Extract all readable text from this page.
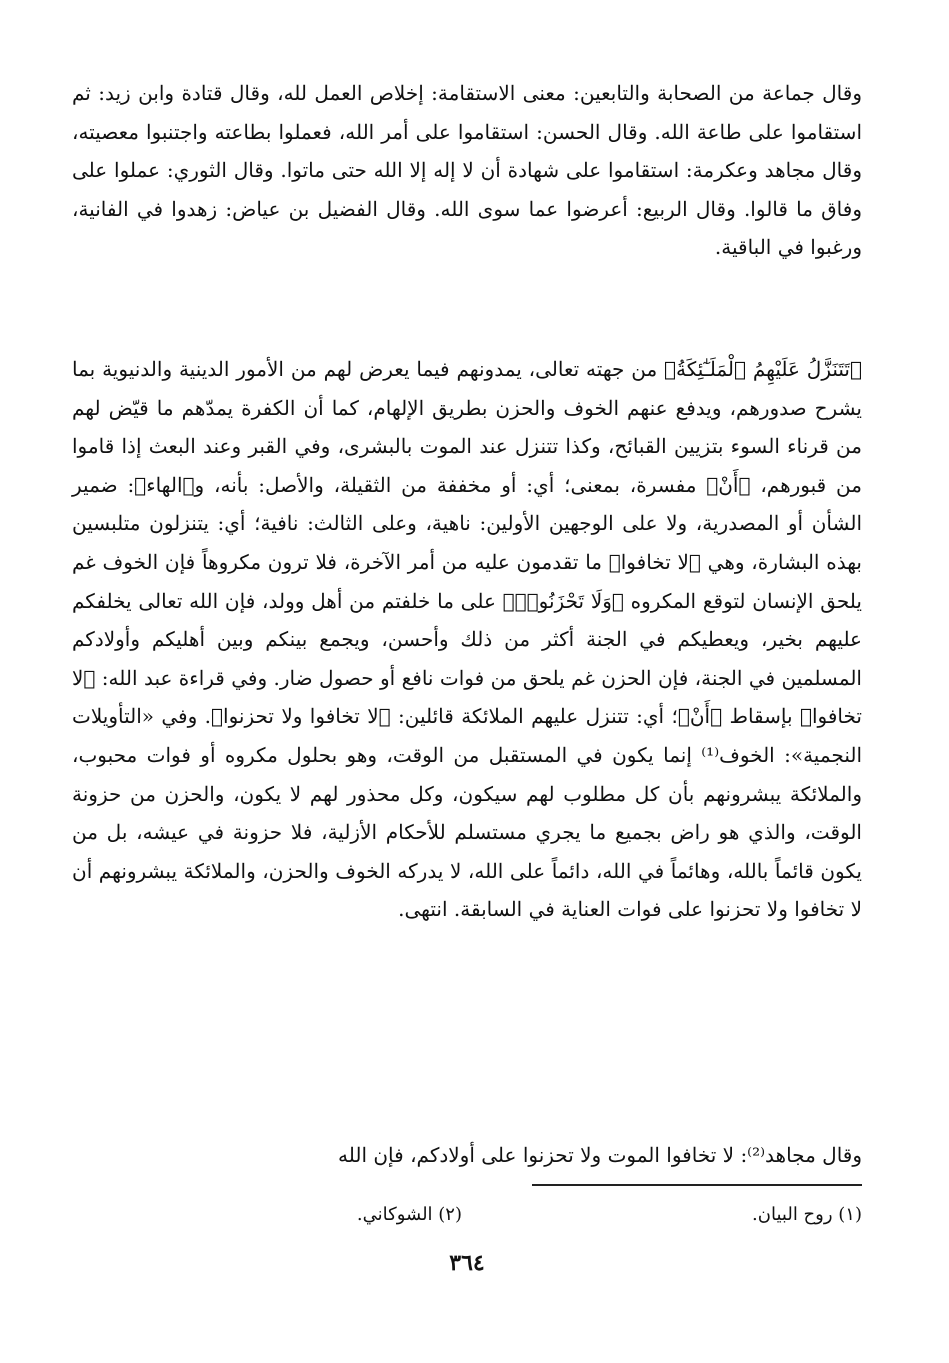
وقال جماعة من الصحابة والتابعين: معنى الاستقامة: إخلاص العمل لله، وقال قتادة وابن زيد: ثم استقاموا على طاعة الله. وقال الحسن: استقاموا على أمر الله، فعملوا بطاعته واجتنبوا معصيته، وقال مجاهد وعكرمة: استقاموا على شهادة أن لا إله إلا الله حتى ماتوا. وقال الثوري: عملوا على وفاق ما قالوا. وقال الربيع: أعرضوا عما سوى الله. وقال الفضيل بن عياض: زهدوا في الفانية، ورغبوا في الباقية.

﴿تَتَنَزَّلُ عَلَيْهِمُ ٱلْمَلَـٰٓئِكَةُ﴾ من جهته تعالى، يمدونهم فيما يعرض لهم من الأمور الدينية والدنيوية بما يشرح صدورهم، ويدفع عنهم الخوف والحزن بطريق الإلهام، كما أن الكفرة يمدّهم ما قيّض لهم من قرناء السوء بتزيين القبائح، وكذا تتنزل عند الموت بالبشرى، وفي القبر وعند البعث إذا قاموا من قبورهم، ﴿أَنْ﴾ مفسرة، بمعنى؛ أي: أو مخففة من الثقيلة، والأصل: بأنه، و﴿الهاء﴾: ضمير الشأن أو المصدرية، ولا على الوجهين الأولين: ناهية، وعلى الثالث: نافية؛ أي: يتنزلون متلبسين بهذه البشارة، وهي ﴿لا تخافوا﴾ ما تقدمون عليه من أمر الآخرة، فلا ترون مكروهاً فإن الخوف غم يلحق الإنسان لتوقع المكروه ﴿وَلَا تَحْزَنُوا۟﴾ على ما خلفتم من أهل وولد، فإن الله تعالى يخلفكم عليهم بخير، ويعطيكم في الجنة أكثر من ذلك وأحسن، ويجمع بينكم وبين أهليكم وأولادكم المسلمين في الجنة، فإن الحزن غم يلحق من فوات نافع أو حصول ضار. وفي قراءة عبد الله: ﴿لا تخافوا﴾ بإسقاط ﴿أَنْ﴾؛ أي: تتنزل عليهم الملائكة قائلين: ﴿لا تخافوا ولا تحزنوا﴾. وفي «التأويلات النجمية»: الخوف⁽¹⁾ إنما يكون في المستقبل من الوقت، وهو بحلول مكروه أو فوات محبوب، والملائكة يبشرونهم بأن كل مطلوب لهم سيكون، وكل محذور لهم لا يكون، والحزن من حزونة الوقت، والذي هو راض بجميع ما يجري مستسلم للأحكام الأزلية، فلا حزونة في عيشه، بل من يكون قائماً بالله، وهائماً في الله، دائماً على الله، لا يدركه الخوف والحزن، والملائكة يبشرونهم أن لا تخافوا ولا تحزنوا على فوات العناية في السابقة. انتهى.

وقال مجاهد⁽²⁾: لا تخافوا الموت ولا تحزنوا على أولادكم، فإن الله

(١) روح البيان.
(٢) الشوكاني.
٣٦٤
